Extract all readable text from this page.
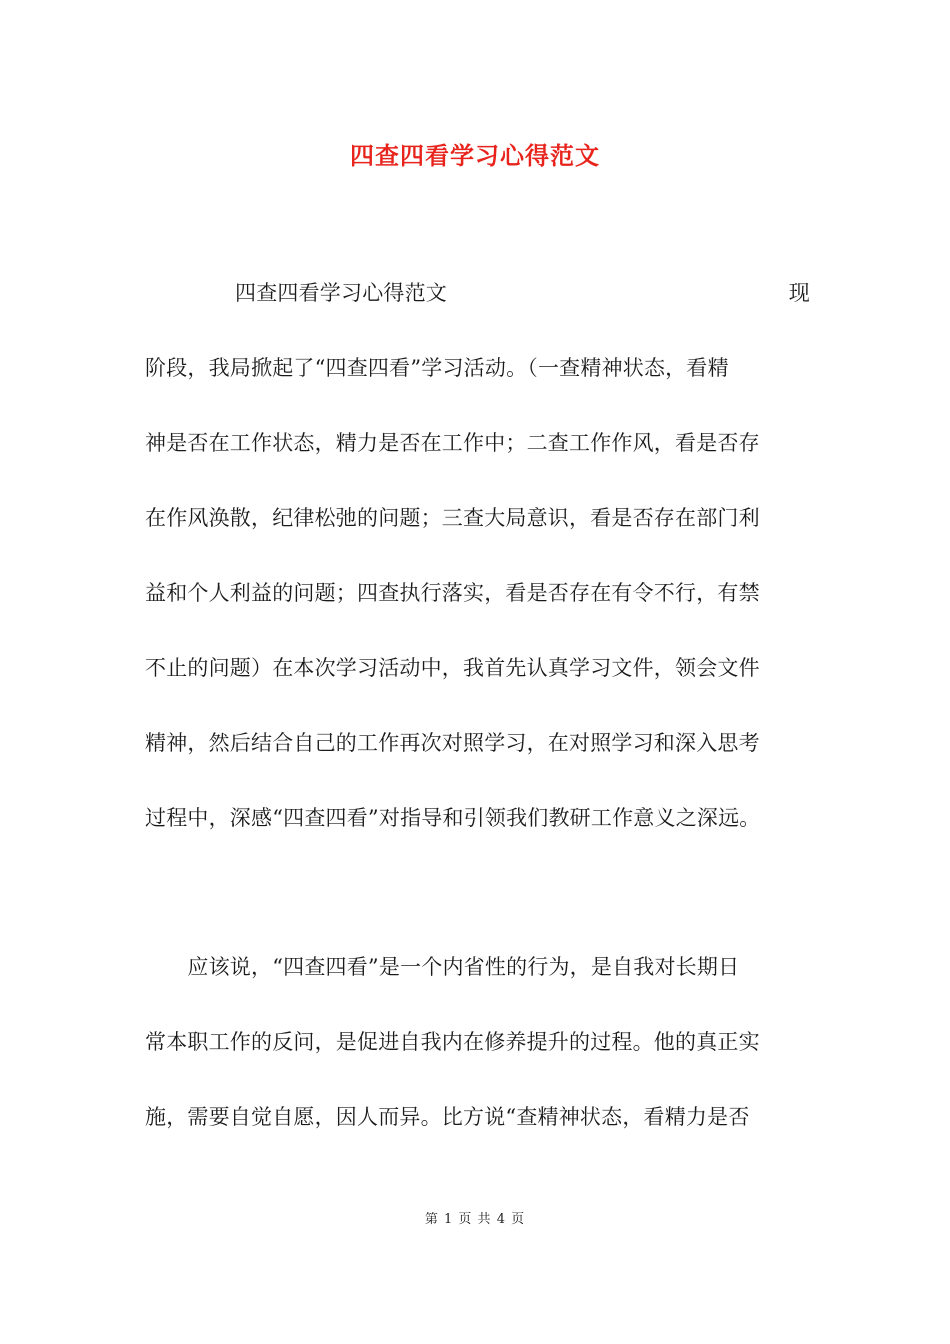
四查四看学习心得范文
四查四看学习心得范文	现
阶段，我局掀起了“四查四看”学习活动。（一查精神状态，看精
神是否在工作状态，精力是否在工作中；二查工作作风，看是否存
在作风涣散，纪律松弛的问题；三查大局意识，看是否存在部门利
益和个人利益的问题；四查执行落实，看是否存在有令不行，有禁
不止的问题）在本次学习活动中，我首先认真学习文件，领会文件
精神，然后结合自己的工作再次对照学习，在对照学习和深入思考
过程中，深感“四查四看”对指导和引领我们教研工作意义之深远。
　　应该说，“四查四看”是一个内省性的行为，是自我对长期日
常本职工作的反问，是促进自我内在修养提升的过程。他的真正实
施，需要自觉自愿，因人而异。比方说“查精神状态，看精力是否
第 1 页 共 4 页
